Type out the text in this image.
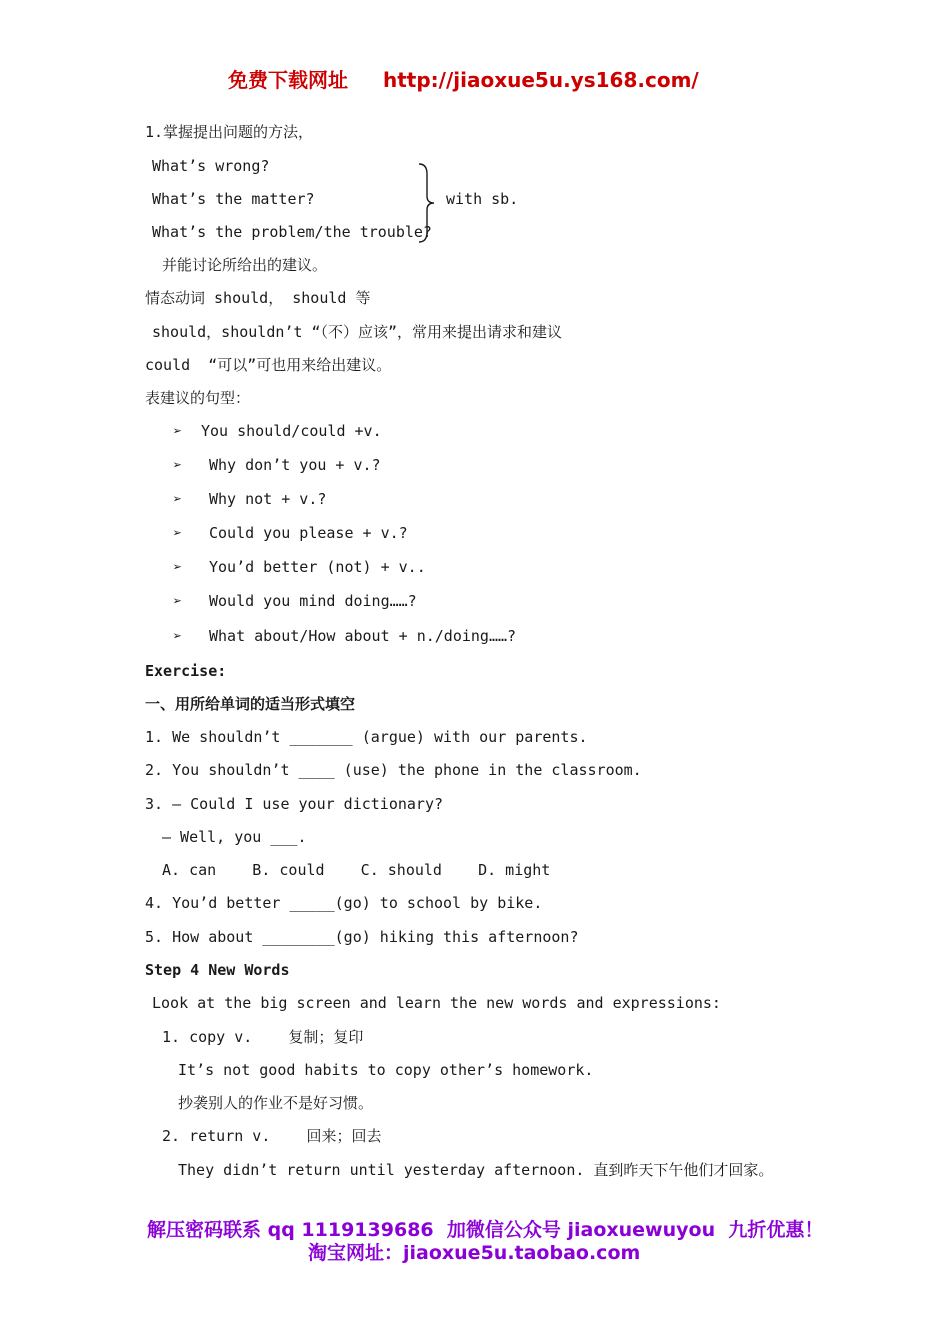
免费下载网址 http://jiaoxue5u.ys168.com/
1.掌握提出问题的方法，
What’s wrong?
What’s the matter?
What’s the problem/the trouble?
with sb.
并能讨论所给出的建议。
情态动词 should， should 等
should，shouldn’t “（不）应该”，常用来提出请求和建议
could  “可以”可也用来给出建议。
表建议的句型：
➢ You should/could +v.
➢ Why don’t you + v.?
➢ Why not + v.?
➢ Could you please + v.?
➢ You’d better (not) + v..
➢ Would you mind doing……?
➢ What about/How about + n./doing……?
Exercise:
一、用所给单词的适当形式填空
1. We shouldn’t _______ (argue) with our parents.
2. You shouldn’t ____ (use) the phone in the classroom.
3. — Could I use your dictionary?
— Well, you ___.
A. can    B. could    C. should    D. might
4. You’d better _____(go) to school by bike.
5. How about ________(go) hiking this afternoon?
Step 4 New Words
Look at the big screen and learn the new words and expressions:
1. copy v.    复制；复印
It’s not good habits to copy other’s homework.
抄袭别人的作业不是好习惯。
2. return v.    回来；回去
They didn’t return until yesterday afternoon. 直到昨天下午他们才回家。
解压密码联系 qq 1119139686  加微信公众号 jiaoxuewuyou  九折优惠！
淘宝网址：jiaoxue5u.taobao.com
